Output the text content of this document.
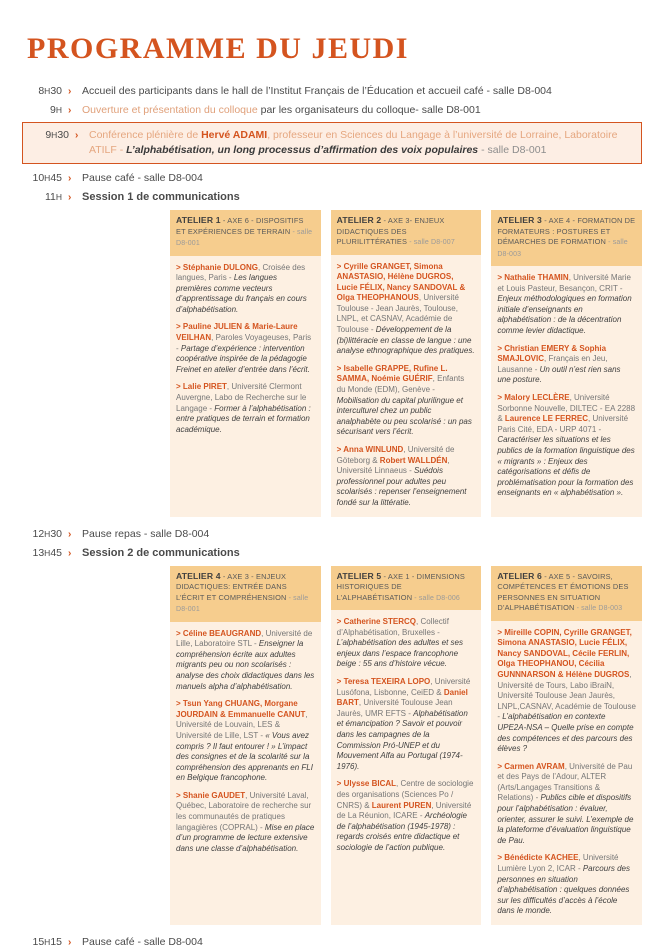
PROGRAMME DU JEUDI
8H30 ›	Accueil des participants dans le hall de l’Institut Français de l’Éducation et accueil café - salle D8-004
9H ›	Ouverture et présentation du colloque par les organisateurs du colloque- salle D8-001
9H30 ›	Conférence plénière de Hervé ADAMI, professeur en Sciences du Langage à l’université de Lorraine, Laboratoire ATILF - L’alphabétisation, un long processus d’affirmation des voix populaires - salle D8-001
10H45 ›	Pause café - salle D8-004
11H › Session 1 de communications
ATELIER 1 - AXE 6 - DISPOSITIFS ET EXPÉRIENCES DE TERRAIN - salle D8-001
> Stéphanie DULONG, Croisée des langues, Paris - Les langues premières comme vecteurs d’apprentissage du français en cours d’alphabétisation.
> Pauline JULIEN & Marie-Laure VEILHAN, Paroles Voyageuses, Paris - Partage d’expérience : intervention coopérative inspirée de la pédagogie Freinet en atelier d’entrée dans l’écrit.
> Lalie PIRET, Université Clermont Auvergne, Labo de Recherche sur le Langage - Former à l’alphabétisation : entre pratiques de terrain et formation académique.
ATELIER 2 - AXE 3- ENJEUX DIDACTIQUES DES PLURILITTÉRATIES - salle D8-007
> Cyrille GRANGET, Simona ANASTASIO, Hélène DUGROS, Lucie FÉLIX, Nancy SANDOVAL & Olga THEOPHANOUS, Université Toulouse - Jean Jaurès, Toulouse, LNPL, et CASNAV, Académie de Toulouse - Développement de la (bi)littéracie en classe de langue : une analyse ethnographique des pratiques.
> Isabelle GRAPPE, Rufine L. SAMMA, Noémie GUÉRIF, Enfants du Monde (EDM), Genève - Mobilisation du capital plurilingue et interculturel chez un public analphabète ou peu scolarisé : un pas sécurisant vers l’écrit.
> Anna WINLUND, Université de Göteborg & Robert WALLDÉN, Université Linnaeus - Suédois professionnel pour adultes peu scolarisés : repenser l’enseignement fondé sur la littératie.
ATELIER 3 - AXE 4 - FORMATION DE FORMATEURS : POSTURES ET DÉMARCHES DE FORMATION - salle D8-003
> Nathalie THAMIN, Université Marie et Louis Pasteur, Besançon, CRIT - Enjeux méthodologiques en formation initiale d’enseignants en alphabétisation : de la décentration comme levier didactique.
> Christian EMERY & Sophia SMAJLOVIC, Français en Jeu, Lausanne - Un outil n’est rien sans une posture.
> Malory LECLÈRE, Université Sorbonne Nouvelle, DILTEC - EA 2288 & Laurence LE FERREC, Université Paris Cité, EDA - URP 4071 - Caractériser les situations et les publics de la formation linguistique des « migrants » : Enjeux des catégorisations et défis de problématisation pour la formation des enseignants en « alphabétisation ».
12H30 ›	Pause repas - salle D8-004
13H45 › Session 2 de communications
ATELIER 4 - AXE 3 - ENJEUX DIDACTIQUES: ENTRÉE DANS L’ÉCRIT ET COMPRÉHENSION - salle D8-001
> Céline BEAUGRAND, Université de Lille, Laboratoire STL - Enseigner la compréhension écrite aux adultes migrants peu ou non scolarisés : analyse des choix didactiques dans les manuels alpha d’alphabétisation.
> Tsun Yang CHUANG, Morgane JOURDAIN & Emmanuelle CANUT, Université de Louvain, LES & Université de Lille, LST - « Vous avez compris ? Il faut entourer ! » L’impact des consignes et de la scolarité sur la compréhension des apprenants en FLI en Belgique francophone.
> Shanie GAUDET, Université Laval, Québec, Laboratoire de recherche sur les communautés de pratiques langagières (COPRAL) - Mise en place d’un programme de lecture extensive dans une classe d’alphabétisation.
ATELIER 5 - AXE 1 - DIMENSIONS HISTORIQUES DE L’ALPHABÉTISATION - salle D8-006
> Catherine STERCQ, Collectif d’Alphabétisation, Bruxelles - L’alphabétisation des adultes et ses enjeux dans l’espace francophone beige : 55 ans d’histoire vécue.
> Teresa TEXEIRA LOPO, Université Lusófona, Lisbonne, CeiED & Daniel BART, Université Toulouse Jean Jaurès, UMR EFTS - Alphabétisation et émancipation ? Savoir et pouvoir dans les campagnes de la Commission Pró-UNEP et du Mouvement Alfa au Portugal (1974-1976).
> Ulysse BICAL, Centre de sociologie des organisations (Sciences Po / CNRS) & Laurent PUREN, Université de La Réunion, ICARE - Archéologie de l’alphabétisation (1945-1978) : regards croisés entre didactique et sociologie de l’action publique.
ATELIER 6 - AXE 5 - SAVOIRS, COMPÉTENCES ET ÉMOTIONS DES PERSONNES EN SITUATION D’ALPHABÉTISATION - salle D8-003
> Mireille COPIN, Cyrille GRANGET, Simona ANASTASIO, Lucie FÉLIX, Nancy SANDOVAL, Cécile FERLIN, Olga THEOPHANOU, Cécilia GUNNNARSON & Hélène DUGROS, Université de Tours, Labo iBraiN, Université Toulouse Jean Jaurès, LNPL,CASNAV, Académie de Toulouse - L’alphabétisation en contexte UPE2A-NSA – Quelle prise en compte des compétences et des parcours des élèves ?
> Carmen AVRAM, Université de Pau et des Pays de l’Adour, ALTER (Arts/Langages Transitions & Relations) - Publics cible et dispositifs pour l’alphabétisation : évaluer, orienter, assurer le suivi. L’exemple de la plateforme d’évaluation linguistique de Pau.
> Bénédicte KACHEE, Université Lumière Lyon 2, ICAR - Parcours des personnes en situation d’alphabétisation : quelques données sur les difficultés d’accès à l’école dans le monde.
15H15 ›	Pause café - salle D8-004
